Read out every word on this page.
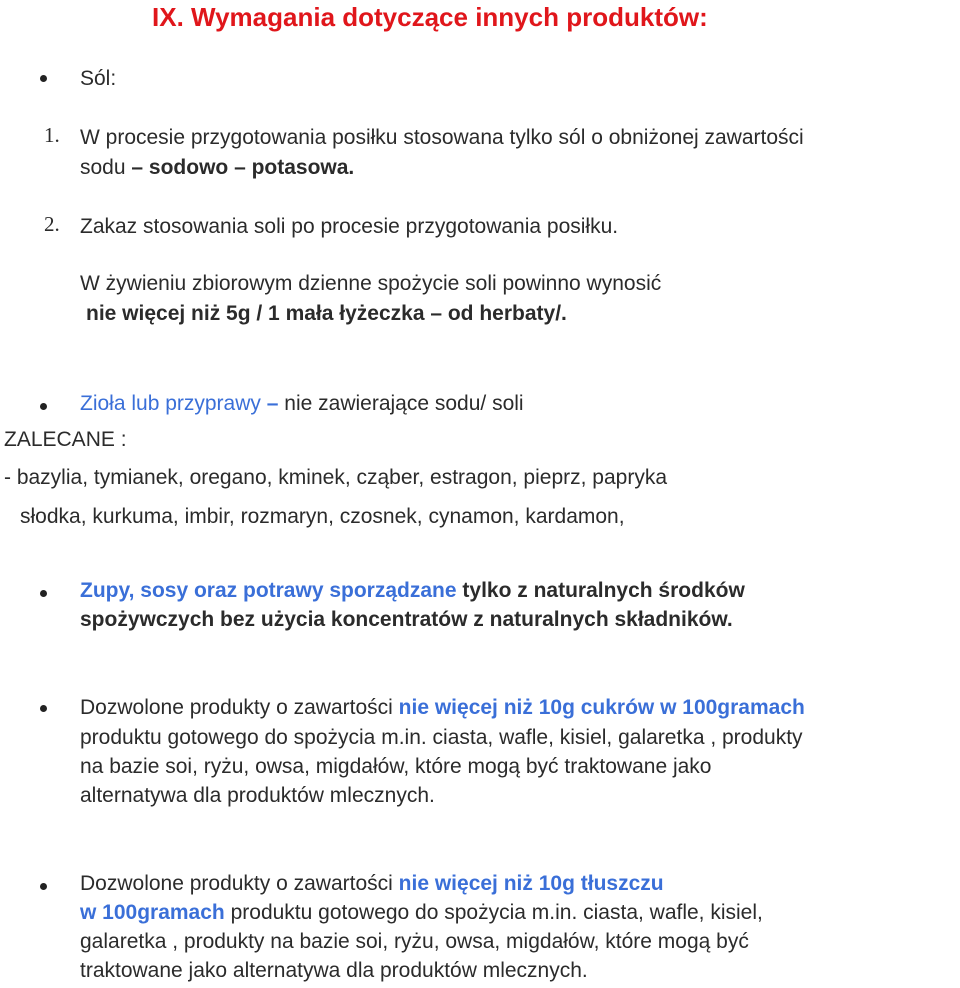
IX. Wymagania dotyczące innych produktów:
Sól:
1. W procesie przygotowania posiłku stosowana tylko sól o obniżonej zawartości
sodu – sodowo – potasowa.
2. Zakaz stosowania soli po procesie przygotowania posiłku.
W żywieniu zbiorowym dzienne spożycie soli powinno wynosić
nie więcej niż 5g / 1 mała łyżeczka – od herbaty/.
Zioła lub przyprawy – nie zawierające sodu/ soli
ZALECANE :
- bazylia, tymianek, oregano, kminek, cząber, estragon, pieprz, papryka
słodka, kurkuma, imbir, rozmaryn, czosnek, cynamon, kardamon,
Zupy, sosy oraz potrawy sporządzane tylko z naturalnych środków
spożywczych bez użycia koncentratów z naturalnych składników.
Dozwolone produkty o zawartości nie więcej niż 10g cukrów w 100gramach
produktu gotowego do spożycia m.in. ciasta, wafle, kisiel, galaretka , produkty
na bazie soi, ryżu, owsa, migdałów, które mogą być traktowane jako
alternatywa dla produktów mlecznych.
Dozwolone produkty o zawartości nie więcej niż 10g tłuszczu
w 100gramach produktu gotowego do spożycia m.in. ciasta, wafle, kisiel,
galaretka , produkty na bazie soi, ryżu, owsa, migdałów, które mogą być
traktowane jako alternatywa dla produktów mlecznych.
